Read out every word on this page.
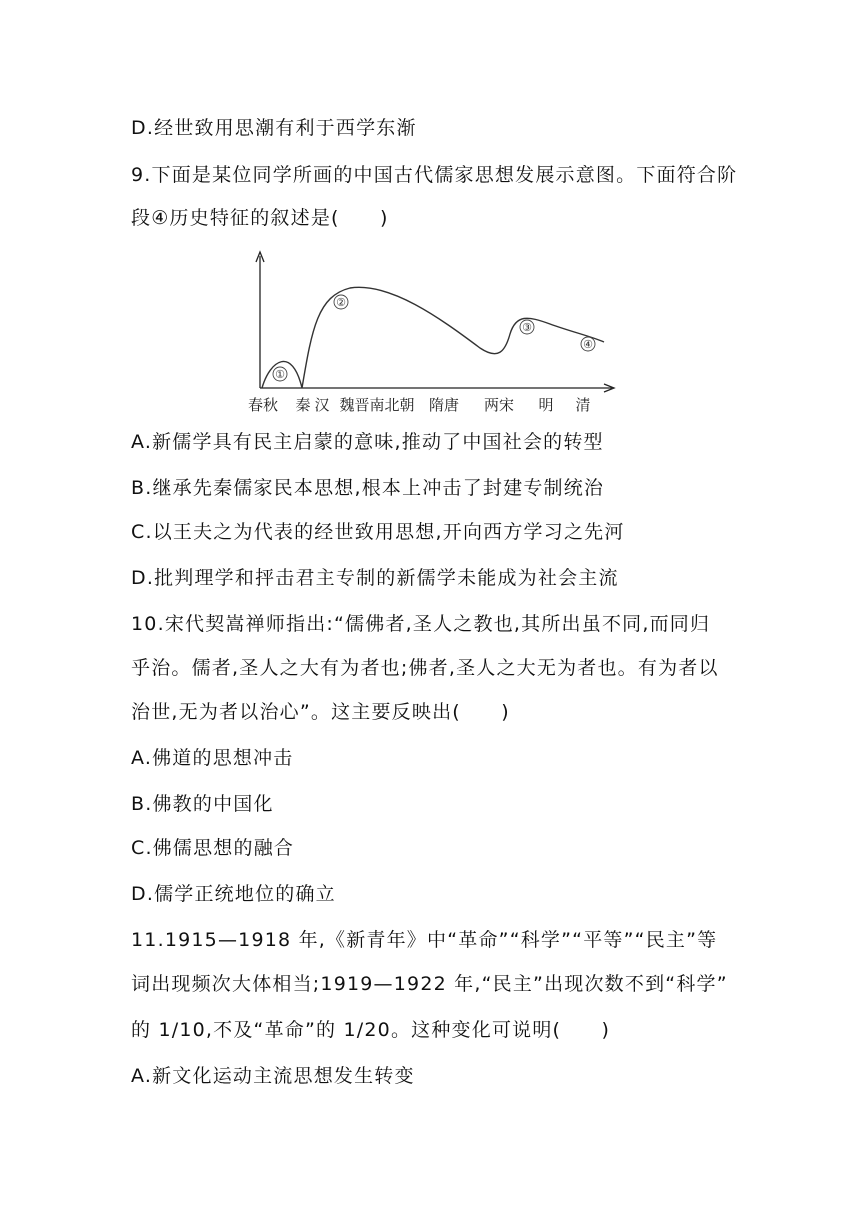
D.经世致用思潮有利于西学东渐
9.下面是某位同学所画的中国古代儒家思想发展示意图。下面符合阶
段④历史特征的叙述是(　　)
①
②
③
④
春秋 秦 汉 魏晋南北朝 隋唐 两宋 明 清
A.新儒学具有民主启蒙的意味,推动了中国社会的转型
B.继承先秦儒家民本思想,根本上冲击了封建专制统治
C.以王夫之为代表的经世致用思想,开向西方学习之先河
D.批判理学和抨击君主专制的新儒学未能成为社会主流
10.宋代契嵩禅师指出:“儒佛者,圣人之教也,其所出虽不同,而同归
乎治。儒者,圣人之大有为者也;佛者,圣人之大无为者也。有为者以
治世,无为者以治心”。这主要反映出(　　)
A.佛道的思想冲击
B.佛教的中国化
C.佛儒思想的融合
D.儒学正统地位的确立
11.1915—1918 年,《新青年》中“革命”“科学”“平等”“民主”等
词出现频次大体相当;1919—1922 年,“民主”出现次数不到“科学”
的 1/10,不及“革命”的 1/20。这种变化可说明(　　)
A.新文化运动主流思想发生转变
